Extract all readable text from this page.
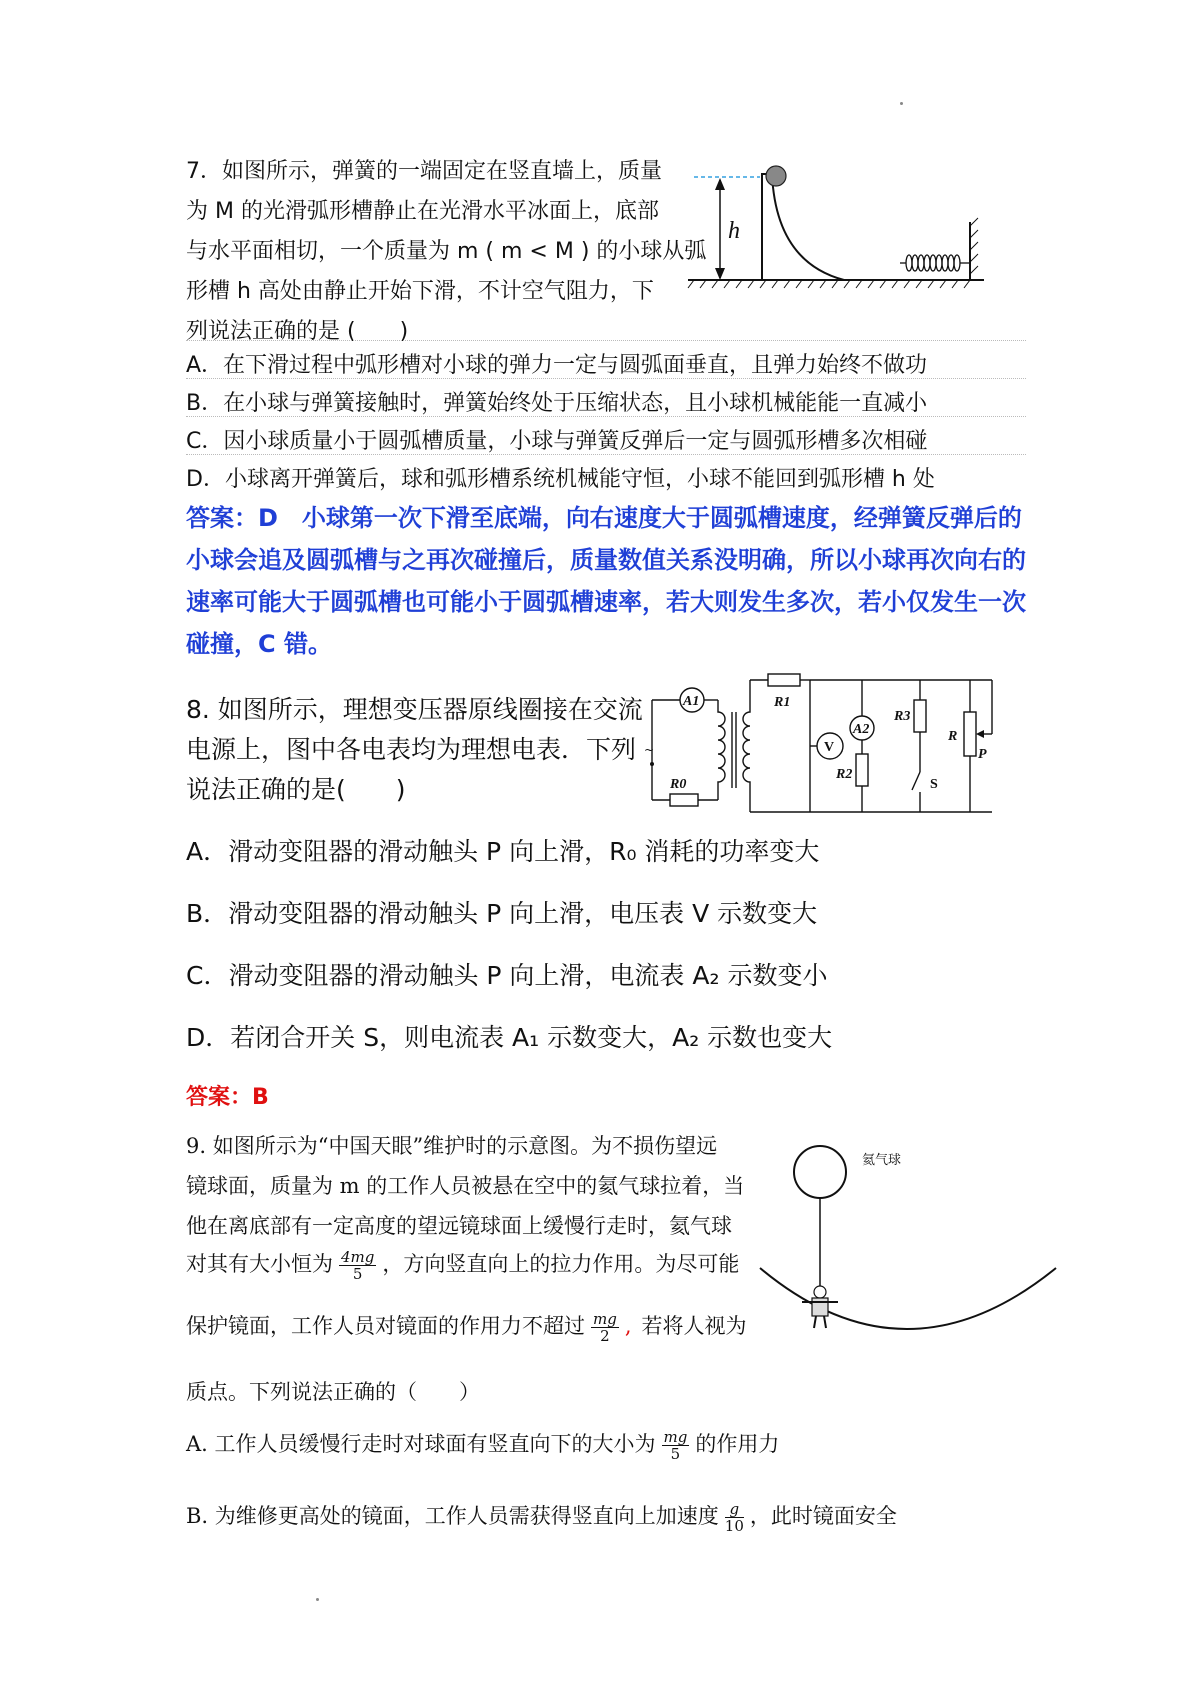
7．如图所示，弹簧的一端固定在竖直墙上，质量
为 M 的光滑弧形槽静止在光滑水平冰面上，底部
与水平面相切，一个质量为 m ( m < M ) 的小球从弧
形槽 h 高处由静止开始下滑，不计空气阻力，下
列说法正确的是 (　　)
A．在下滑过程中弧形槽对小球的弹力一定与圆弧面垂直，且弹力始终不做功
B．在小球与弹簧接触时，弹簧始终处于压缩状态，且小球机械能能一直减小
C．因小球质量小于圆弧槽质量，小球与弹簧反弹后一定与圆弧形槽多次相碰
D．小球离开弹簧后，球和弧形槽系统机械能守恒，小球不能回到弧形槽 h 处
h
答案：D　小球第一次下滑至底端，向右速度大于圆弧槽速度，经弹簧反弹后的
小球会追及圆弧槽与之再次碰撞后，质量数值关系没明确，所以小球再次向右的
速率可能大于圆弧槽也可能小于圆弧槽速率，若大则发生多次，若小仅发生一次
碰撞，C 错。
8. 如图所示，理想变压器原线圈接在交流
电源上，图中各电表均为理想电表．下列
说法正确的是(　　)
~
A1
R0
R1
V
A2
R2
R3
S
R
P
A．滑动变阻器的滑动触头 P 向上滑，R₀ 消耗的功率变大
B．滑动变阻器的滑动触头 P 向上滑，电压表 V 示数变大
C．滑动变阻器的滑动触头 P 向上滑，电流表 A₂ 示数变小
D．若闭合开关 S，则电流表 A₁ 示数变大，A₂ 示数也变大
答案：B
9. 如图所示为“中国天眼”维护时的示意图。为不损伤望远
镜球面，质量为 m 的工作人员被悬在空中的氦气球拉着，当
他在离底部有一定高度的望远镜球面上缓慢行走时，氦气球
对其有大小恒为 $\frac{4mg}{5}$ ，方向竖直向上的拉力作用。为尽可能
保护镜面，工作人员对镜面的作用力不超过 $\frac{mg}{2}$ , 若将人视为
质点。下列说法正确的（　　）
A. 工作人员缓慢行走时对球面有竖直向下的大小为 $\frac{mg}{5}$ 的作用力
B. 为维修更高处的镜面，工作人员需获得竖直向上加速度 $\frac{g}{10}$ ，此时镜面安全
氦气球
